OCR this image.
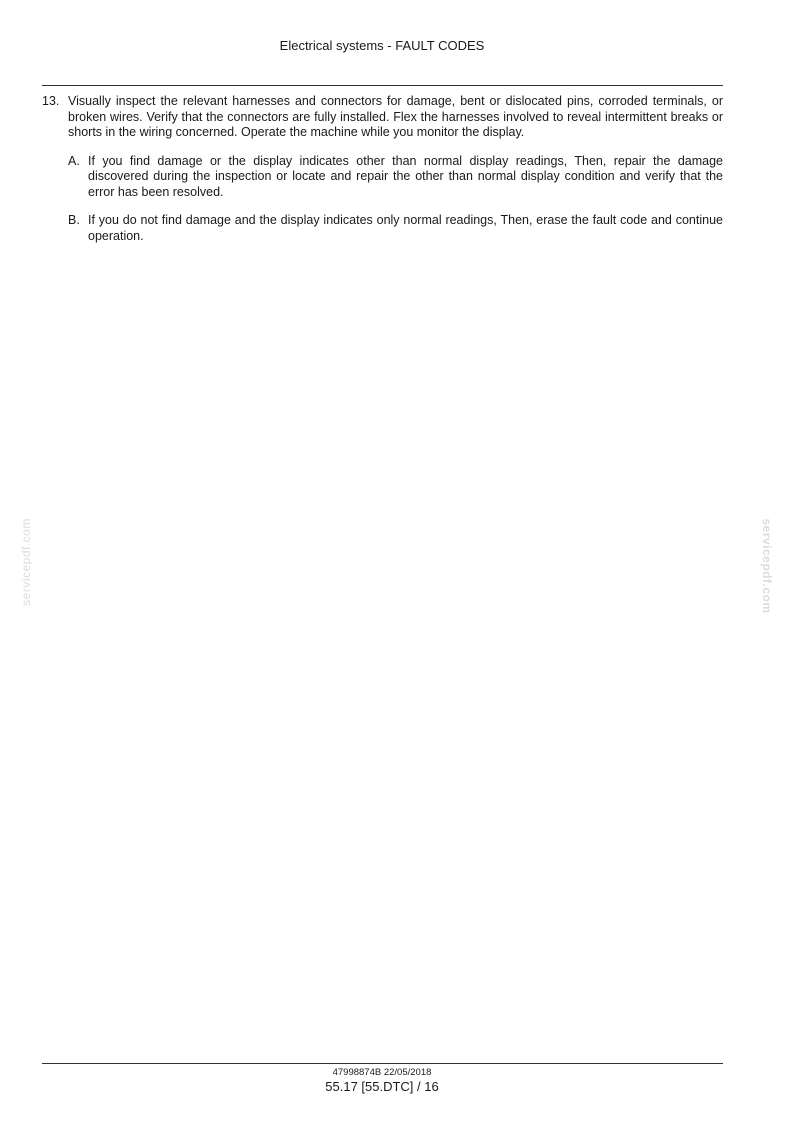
Electrical systems - FAULT CODES
13. Visually inspect the relevant harnesses and connectors for damage, bent or dislocated pins, corroded terminals, or broken wires. Verify that the connectors are fully installed. Flex the harnesses involved to reveal intermittent breaks or shorts in the wiring concerned. Operate the machine while you monitor the display.
A. If you find damage or the display indicates other than normal display readings, Then, repair the damage discovered during the inspection or locate and repair the other than normal display condition and verify that the error has been resolved.
B. If you do not find damage and the display indicates only normal readings, Then, erase the fault code and continue operation.
servicepdf.com	servicepdf.com
47998874B 22/05/2018
55.17 [55.DTC] / 16
